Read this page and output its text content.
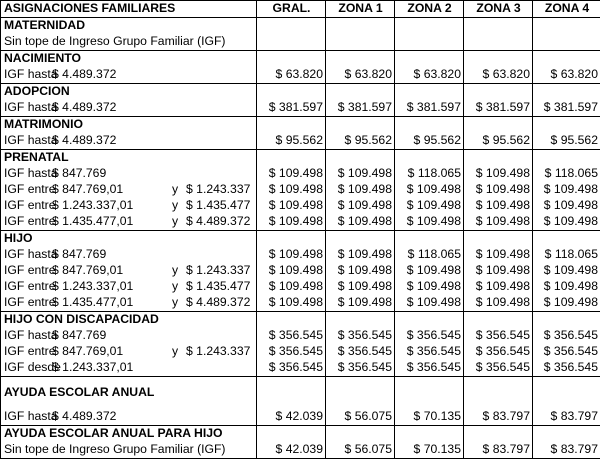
ASIGNACIONES FAMILIARES	GRAL.	ZONA 1	ZONA 2	ZONA 3	ZONA 4
MATERNIDAD					
Sin tope de Ingreso Grupo Familiar (IGF)					
NACIMIENTO					
IGF hasta$ 4.489.372	$ 63.820	$ 63.820	$ 63.820	$ 63.820	$ 63.820
ADOPCION					
IGF hasta$ 4.489.372	$ 381.597	$ 381.597	$ 381.597	$ 381.597	$ 381.597
MATRIMONIO					
IGF hasta$ 4.489.372	$ 95.562	$ 95.562	$ 95.562	$ 95.562	$ 95.562
PRENATAL					
IGF hasta$ 847.769	$ 109.498	$ 109.498	$ 118.065	$ 109.498	$ 118.065
IGF entre$ 847.769,01 y $ 1.243.337	$ 109.498	$ 109.498	$ 109.498	$ 109.498	$ 109.498
IGF entre$ 1.243.337,01 y $ 1.435.477	$ 109.498	$ 109.498	$ 109.498	$ 109.498	$ 109.498
IGF entre$ 1.435.477,01 y $ 4.489.372	$ 109.498	$ 109.498	$ 109.498	$ 109.498	$ 109.498
HIJO					
IGF hasta$ 847.769	$ 109.498	$ 109.498	$ 118.065	$ 109.498	$ 118.065
IGF entre$ 847.769,01 y $ 1.243.337	$ 109.498	$ 109.498	$ 109.498	$ 109.498	$ 109.498
IGF entre$ 1.243.337,01 y $ 1.435.477	$ 109.498	$ 109.498	$ 109.498	$ 109.498	$ 109.498
IGF entre$ 1.435.477,01 y $ 4.489.372	$ 109.498	$ 109.498	$ 109.498	$ 109.498	$ 109.498
HIJO CON DISCAPACIDAD					
IGF hasta$ 847.769	$ 356.545	$ 356.545	$ 356.545	$ 356.545	$ 356.545
IGF entre$ 847.769,01 y $ 1.243.337	$ 356.545	$ 356.545	$ 356.545	$ 356.545	$ 356.545
IGF desde$ 1.243.337,01	$ 356.545	$ 356.545	$ 356.545	$ 356.545	$ 356.545
AYUDA ESCOLAR ANUAL					
IGF hasta$ 4.489.372	$ 42.039	$ 56.075	$ 70.135	$ 83.797	$ 83.797
AYUDA ESCOLAR ANUAL PARA HIJO					
Sin tope de Ingreso Grupo Familiar (IGF)	$ 42.039	$ 56.075	$ 70.135	$ 83.797	$ 83.797
